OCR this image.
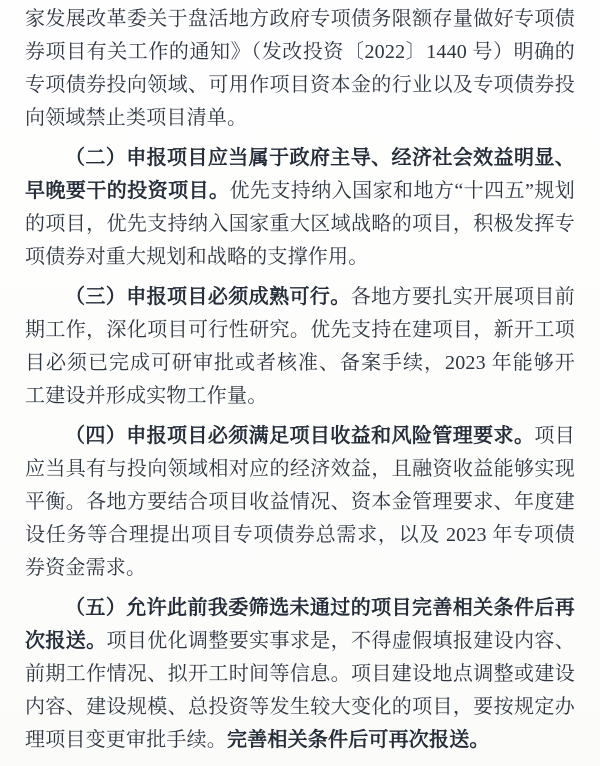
家发展改革委关于盘活地方政府专项债务限额存量做好专项债券项目有关工作的通知》（发改投资〔2022〕1440 号）明确的专项债券投向领域、可用作项目资本金的行业以及专项债券投向领域禁止类项目清单。

（二）申报项目应当属于政府主导、经济社会效益明显、早晚要干的投资项目。优先支持纳入国家和地方“十四五”规划的项目，优先支持纳入国家重大区域战略的项目，积极发挥专项债券对重大规划和战略的支撑作用。

（三）申报项目必须成熟可行。各地方要扎实开展项目前期工作，深化项目可行性研究。优先支持在建项目，新开工项目必须已完成可研审批或者核准、备案手续，2023 年能够开工建设并形成实物工作量。

（四）申报项目必须满足项目收益和风险管理要求。项目应当具有与投向领域相对应的经济效益，且融资收益能够实现平衡。各地方要结合项目收益情况、资本金管理要求、年度建设任务等合理提出项目专项债券总需求，以及 2023 年专项债券资金需求。

（五）允许此前我委筛选未通过的项目完善相关条件后再次报送。项目优化调整要实事求是，不得虚假填报建设内容、前期工作情况、拟开工时间等信息。项目建设地点调整或建设内容、建设规模、总投资等发生较大变化的项目，要按规定办理项目变更审批手续。完善相关条件后可再次报送。
